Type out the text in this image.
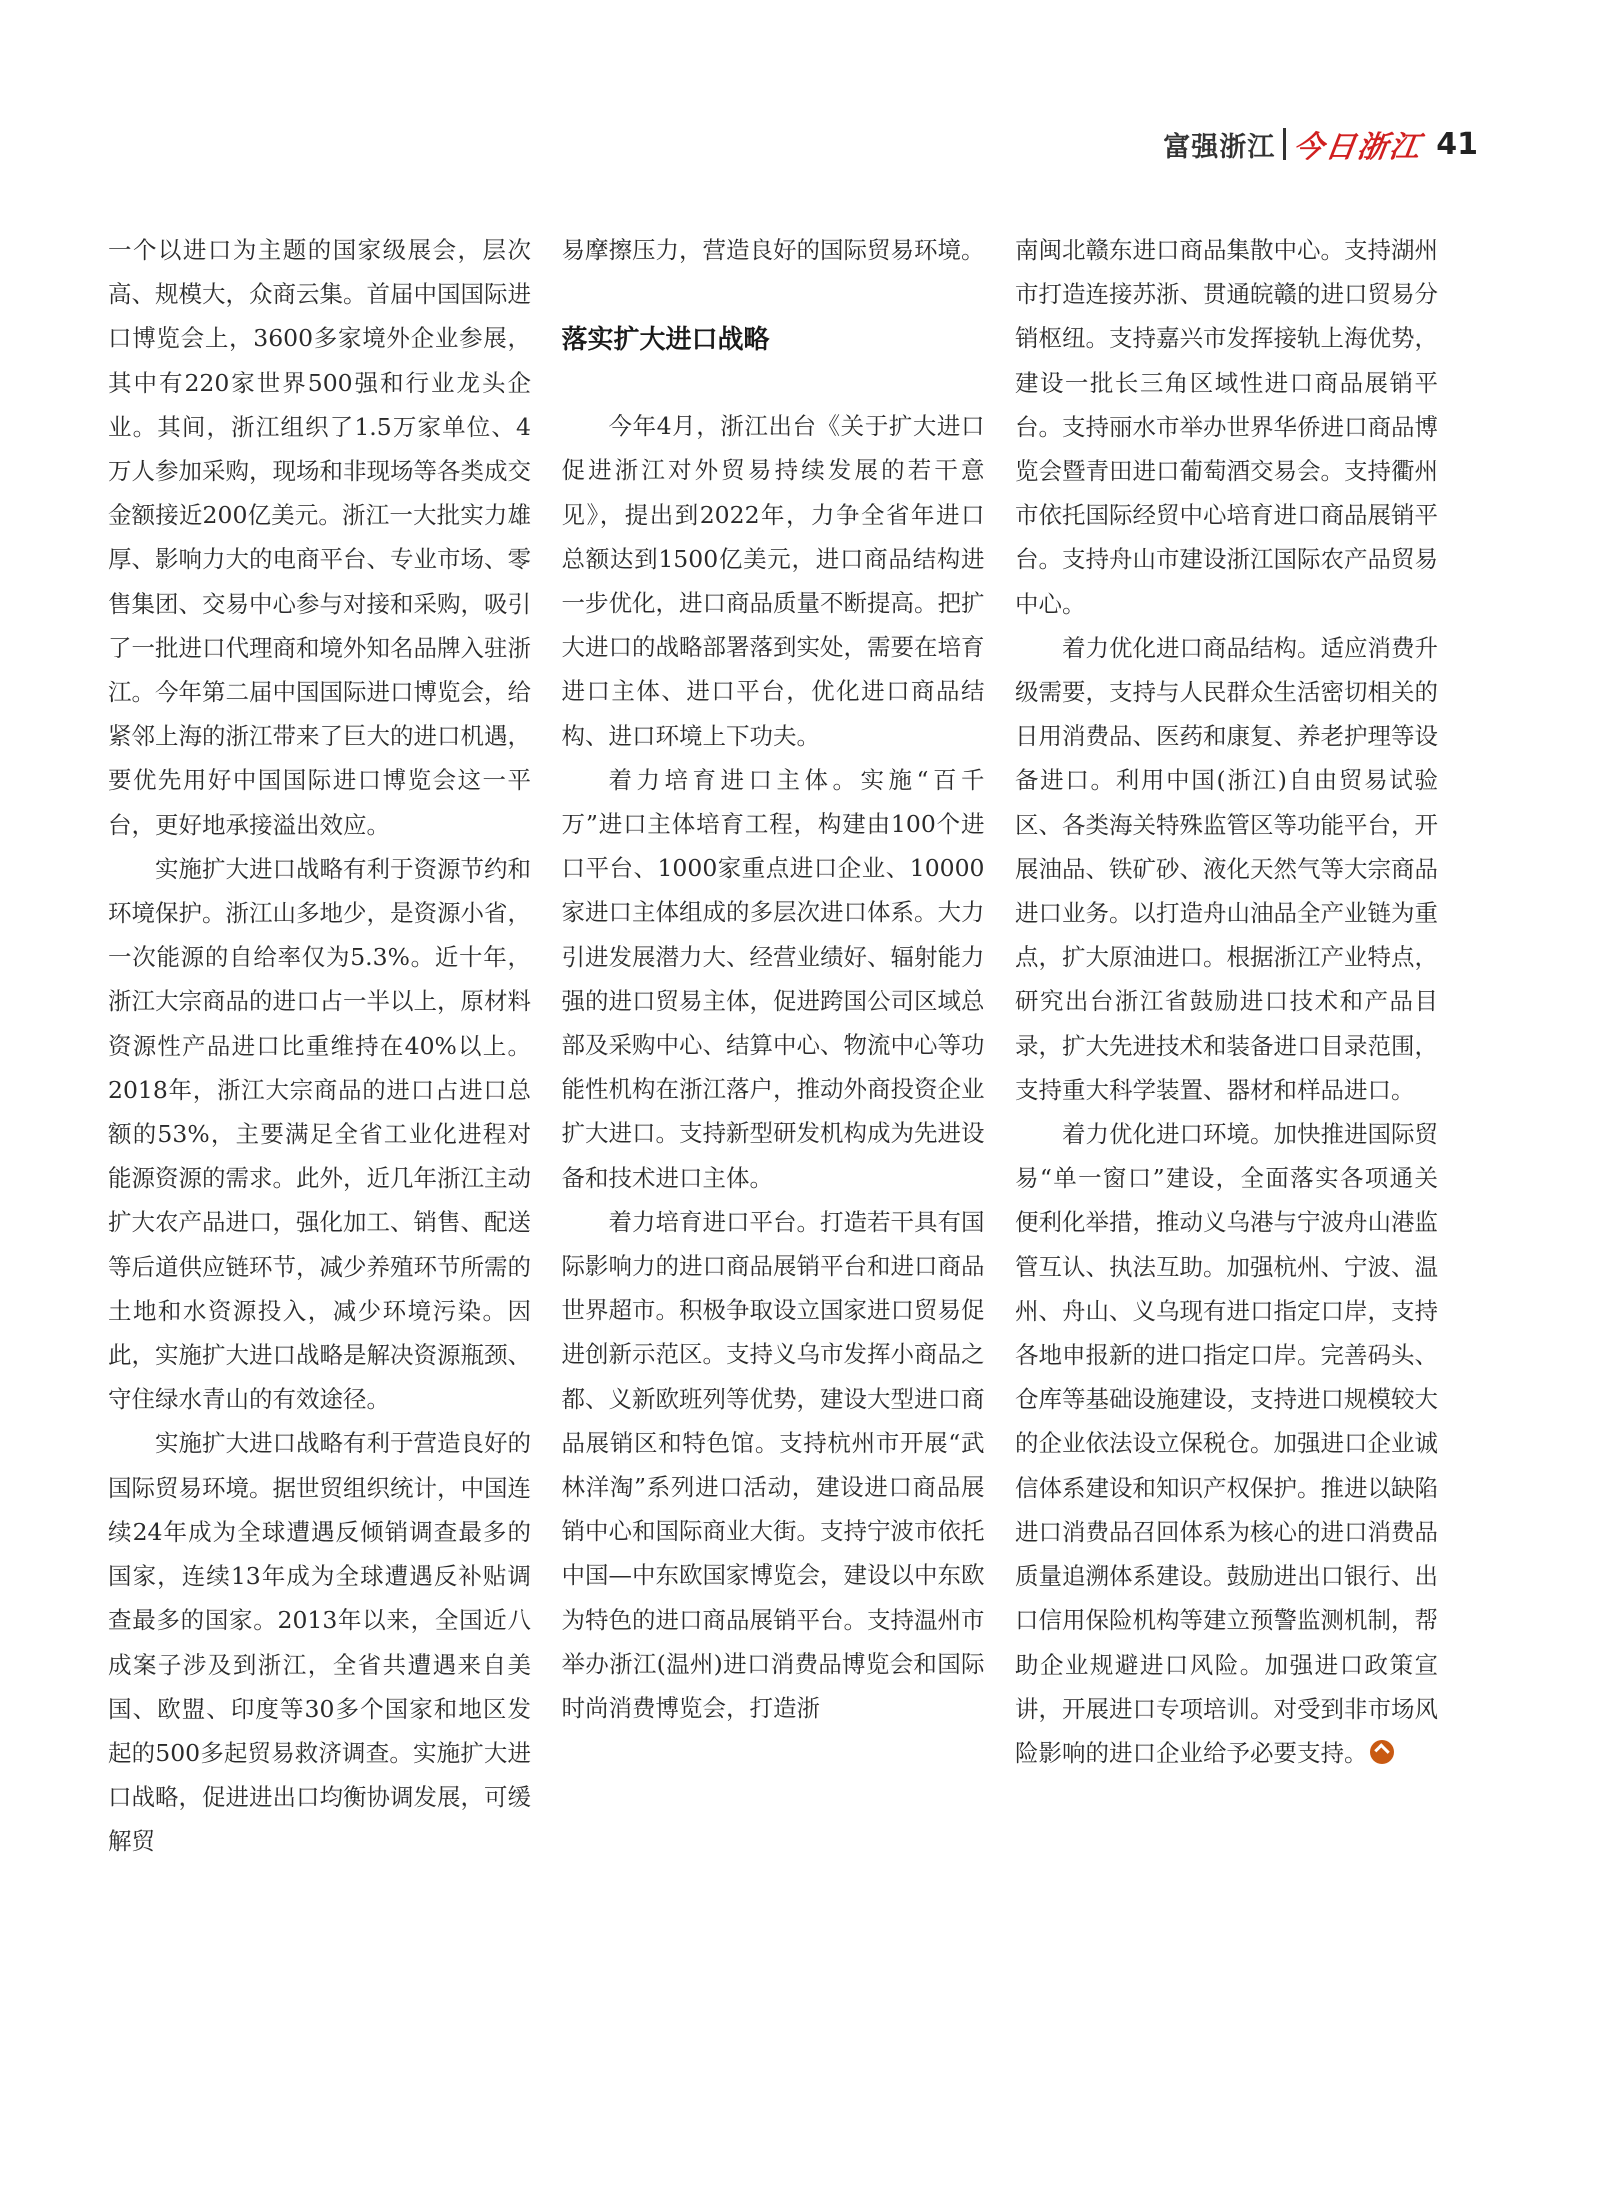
富强浙江 今日浙江 41

一个以进口为主题的国家级展会，层次高、规模大，众商云集。首届中国国际进口博览会上，3600多家境外企业参展，其中有220家世界500强和行业龙头企业。其间，浙江组织了1.5万家单位、4万人参加采购，现场和非现场等各类成交金额接近200亿美元。浙江一大批实力雄厚、影响力大的电商平台、专业市场、零售集团、交易中心参与对接和采购，吸引了一批进口代理商和境外知名品牌入驻浙江。今年第二届中国国际进口博览会，给紧邻上海的浙江带来了巨大的进口机遇，要优先用好中国国际进口博览会这一平台，更好地承接溢出效应。

实施扩大进口战略有利于资源节约和环境保护。浙江山多地少，是资源小省，一次能源的自给率仅为5.3%。近十年，浙江大宗商品的进口占一半以上，原材料资源性产品进口比重维持在40%以上。2018年，浙江大宗商品的进口占进口总额的53%，主要满足全省工业化进程对能源资源的需求。此外，近几年浙江主动扩大农产品进口，强化加工、销售、配送等后道供应链环节，减少养殖环节所需的土地和水资源投入，减少环境污染。因此，实施扩大进口战略是解决资源瓶颈、守住绿水青山的有效途径。

实施扩大进口战略有利于营造良好的国际贸易环境。据世贸组织统计，中国连续24年成为全球遭遇反倾销调查最多的国家，连续13年成为全球遭遇反补贴调查最多的国家。2013年以来，全国近八成案子涉及到浙江，全省共遭遇来自美国、欧盟、印度等30多个国家和地区发起的500多起贸易救济调查。实施扩大进口战略，促进进出口均衡协调发展，可缓解贸

易摩擦压力，营造良好的国际贸易环境。

落实扩大进口战略

今年4月，浙江出台《关于扩大进口促进浙江对外贸易持续发展的若干意见》，提出到2022年，力争全省年进口总额达到1500亿美元，进口商品结构进一步优化，进口商品质量不断提高。把扩大进口的战略部署落到实处，需要在培育进口主体、进口平台，优化进口商品结构、进口环境上下功夫。

着力培育进口主体。实施“百千万”进口主体培育工程，构建由100个进口平台、1000家重点进口企业、10000家进口主体组成的多层次进口体系。大力引进发展潜力大、经营业绩好、辐射能力强的进口贸易主体，促进跨国公司区域总部及采购中心、结算中心、物流中心等功能性机构在浙江落户，推动外商投资企业扩大进口。支持新型研发机构成为先进设备和技术进口主体。

着力培育进口平台。打造若干具有国际影响力的进口商品展销平台和进口商品世界超市。积极争取设立国家进口贸易促进创新示范区。支持义乌市发挥小商品之都、义新欧班列等优势，建设大型进口商品展销区和特色馆。支持杭州市开展“武林洋淘”系列进口活动，建设进口商品展销中心和国际商业大街。支持宁波市依托中国—中东欧国家博览会，建设以中东欧为特色的进口商品展销平台。支持温州市举办浙江(温州)进口消费品博览会和国际时尚消费博览会，打造浙

南闽北赣东进口商品集散中心。支持湖州市打造连接苏浙、贯通皖赣的进口贸易分销枢纽。支持嘉兴市发挥接轨上海优势，建设一批长三角区域性进口商品展销平台。支持丽水市举办世界华侨进口商品博览会暨青田进口葡萄酒交易会。支持衢州市依托国际经贸中心培育进口商品展销平台。支持舟山市建设浙江国际农产品贸易中心。

着力优化进口商品结构。适应消费升级需要，支持与人民群众生活密切相关的日用消费品、医药和康复、养老护理等设备进口。利用中国(浙江)自由贸易试验区、各类海关特殊监管区等功能平台，开展油品、铁矿砂、液化天然气等大宗商品进口业务。以打造舟山油品全产业链为重点，扩大原油进口。根据浙江产业特点，研究出台浙江省鼓励进口技术和产品目录，扩大先进技术和装备进口目录范围，支持重大科学装置、器材和样品进口。

着力优化进口环境。加快推进国际贸易“单一窗口”建设，全面落实各项通关便利化举措，推动义乌港与宁波舟山港监管互认、执法互助。加强杭州、宁波、温州、舟山、义乌现有进口指定口岸，支持各地申报新的进口指定口岸。完善码头、仓库等基础设施建设，支持进口规模较大的企业依法设立保税仓。加强进口企业诚信体系建设和知识产权保护。推进以缺陷进口消费品召回体系为核心的进口消费品质量追溯体系建设。鼓励进出口银行、出口信用保险机构等建立预警监测机制，帮助企业规避进口风险。加强进口政策宣讲，开展进口专项培训。对受到非市场风险影响的进口企业给予必要支持。
